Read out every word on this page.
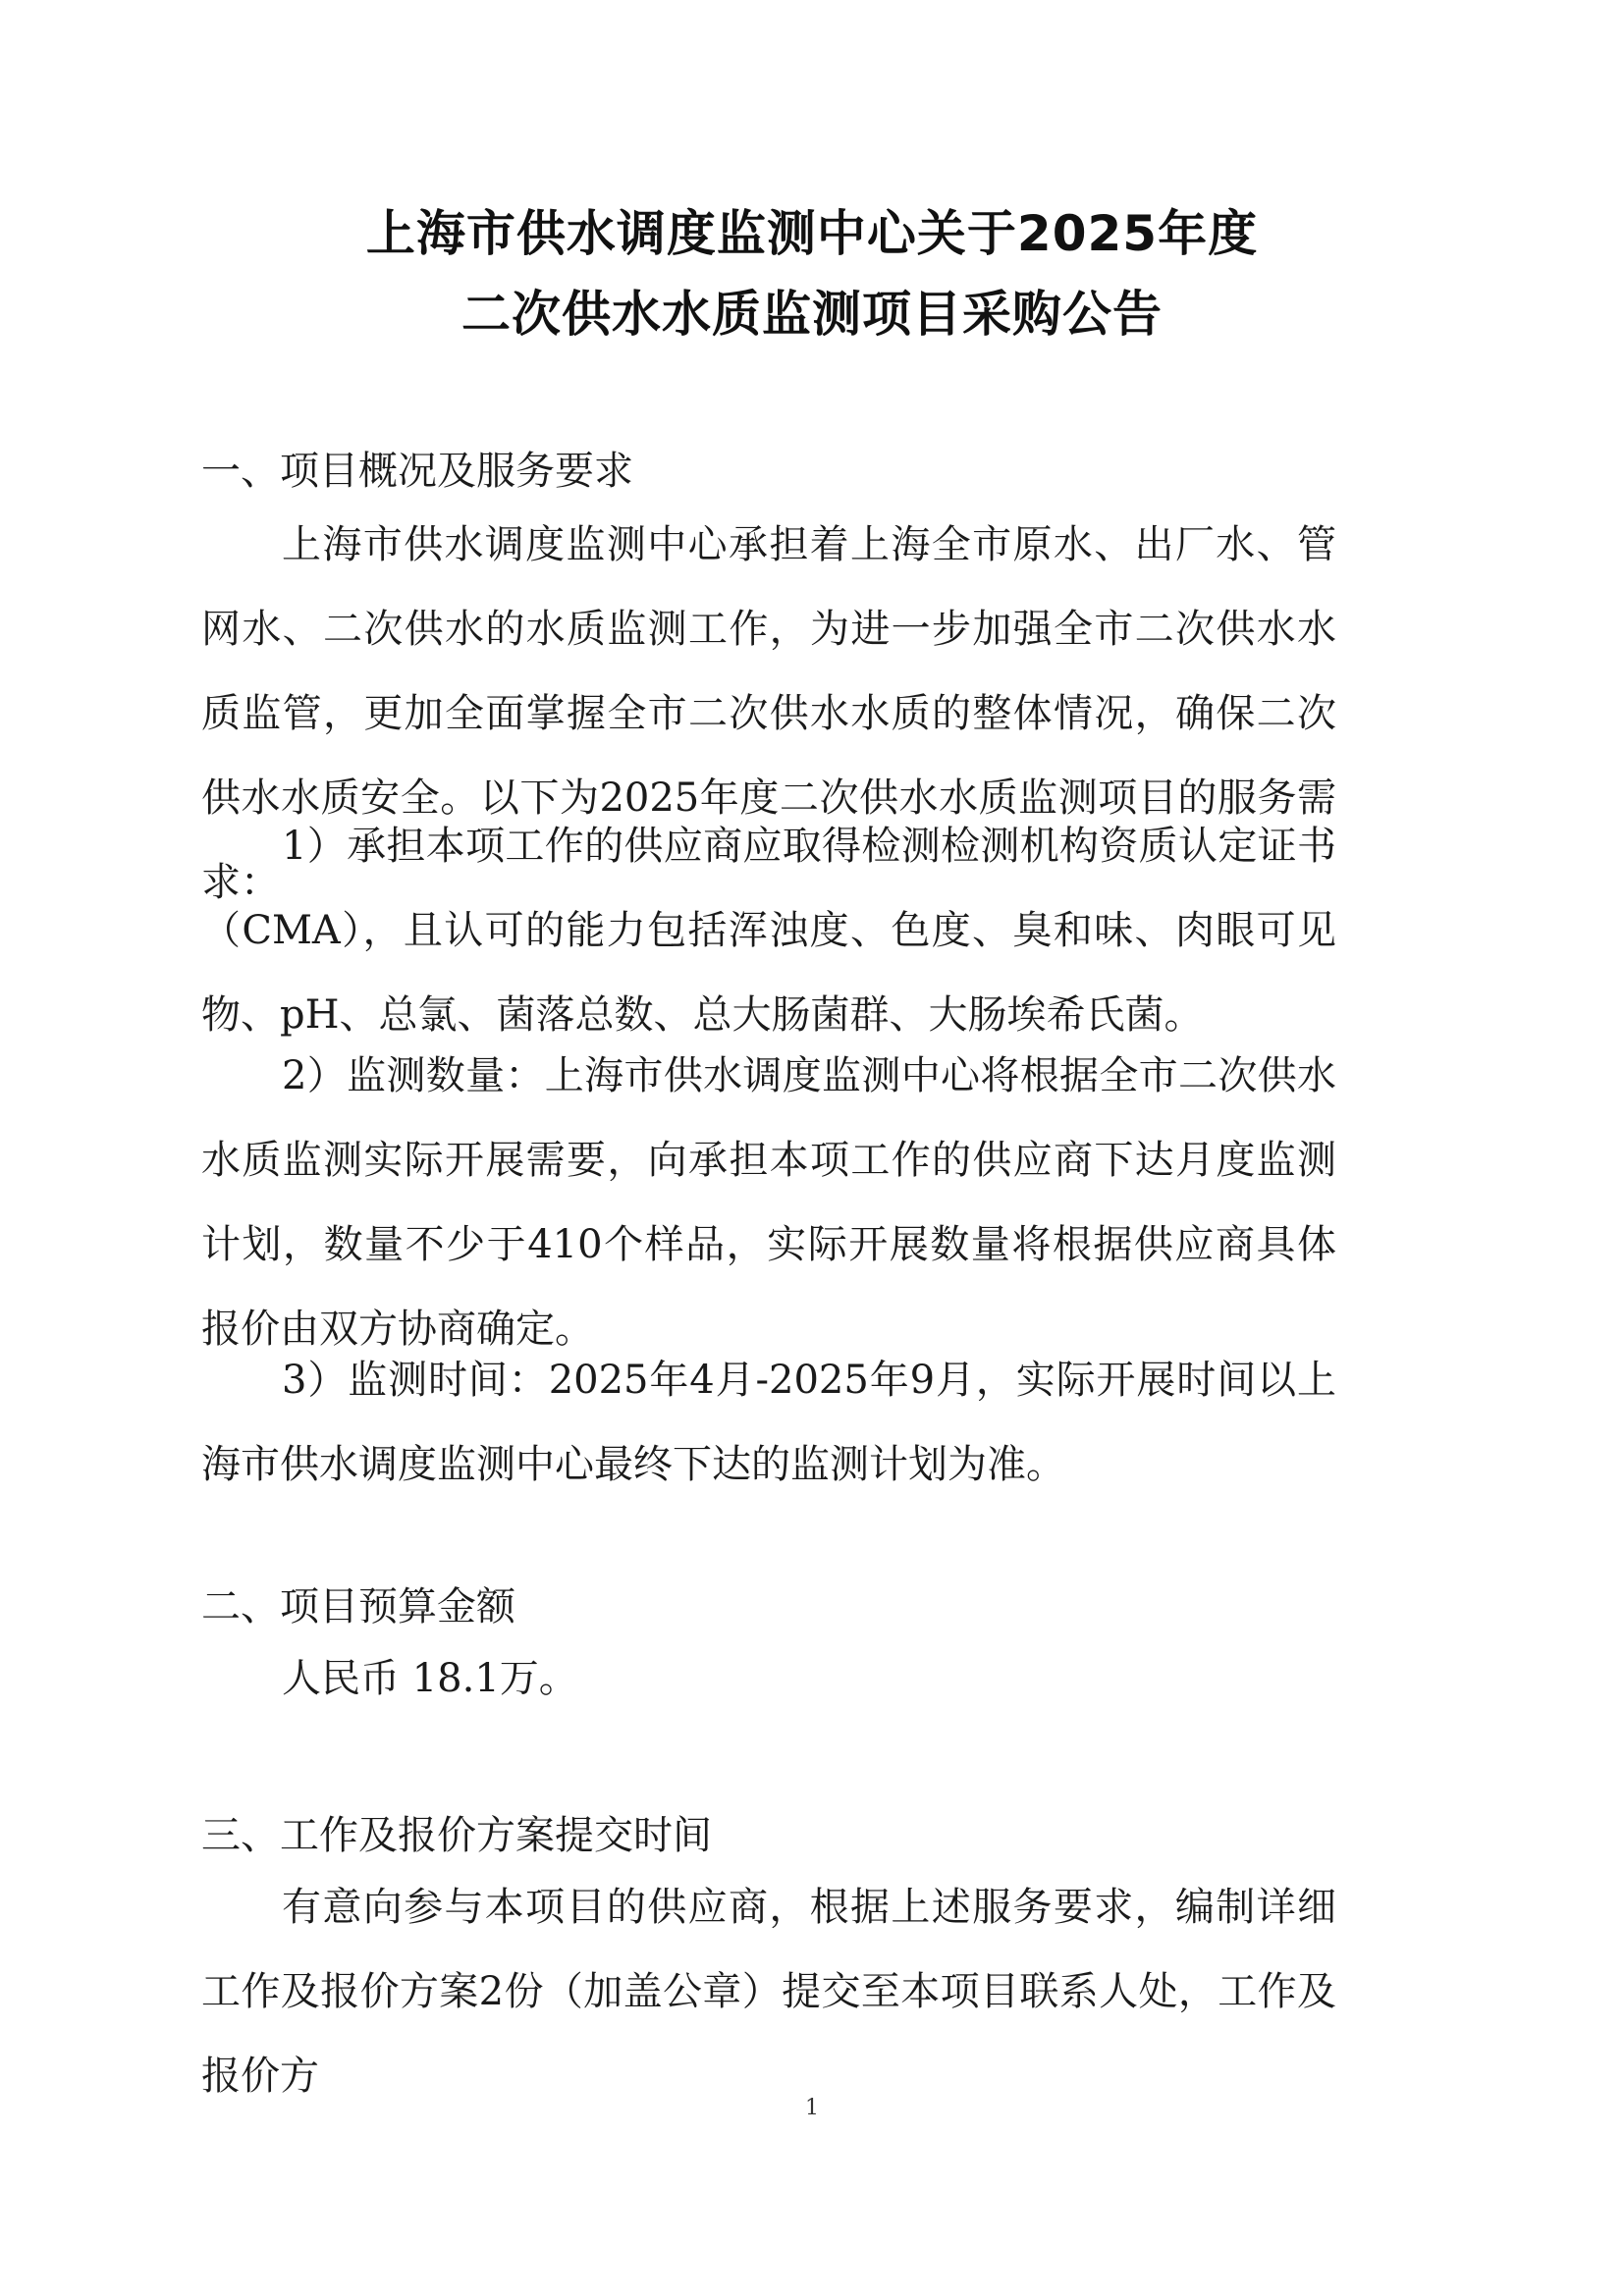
上海市供水调度监测中心关于2025年度
二次供水水质监测项目采购公告
一、项目概况及服务要求
上海市供水调度监测中心承担着上海全市原水、出厂水、管网水、二次供水的水质监测工作，为进一步加强全市二次供水水质监管，更加全面掌握全市二次供水水质的整体情况，确保二次供水水质安全。以下为2025年度二次供水水质监测项目的服务需求：
1）承担本项工作的供应商应取得检测检测机构资质认定证书（CMA），且认可的能力包括浑浊度、色度、臭和味、肉眼可见物、pH、总氯、菌落总数、总大肠菌群、大肠埃希氏菌。
2）监测数量：上海市供水调度监测中心将根据全市二次供水水质监测实际开展需要，向承担本项工作的供应商下达月度监测计划，数量不少于410个样品，实际开展数量将根据供应商具体报价由双方协商确定。
3）监测时间：2025年4月-2025年9月，实际开展时间以上海市供水调度监测中心最终下达的监测计划为准。
二、项目预算金额
人民币 18.1万。
三、工作及报价方案提交时间
有意向参与本项目的供应商，根据上述服务要求，编制详细工作及报价方案2份（加盖公章）提交至本项目联系人处，工作及报价方
1
